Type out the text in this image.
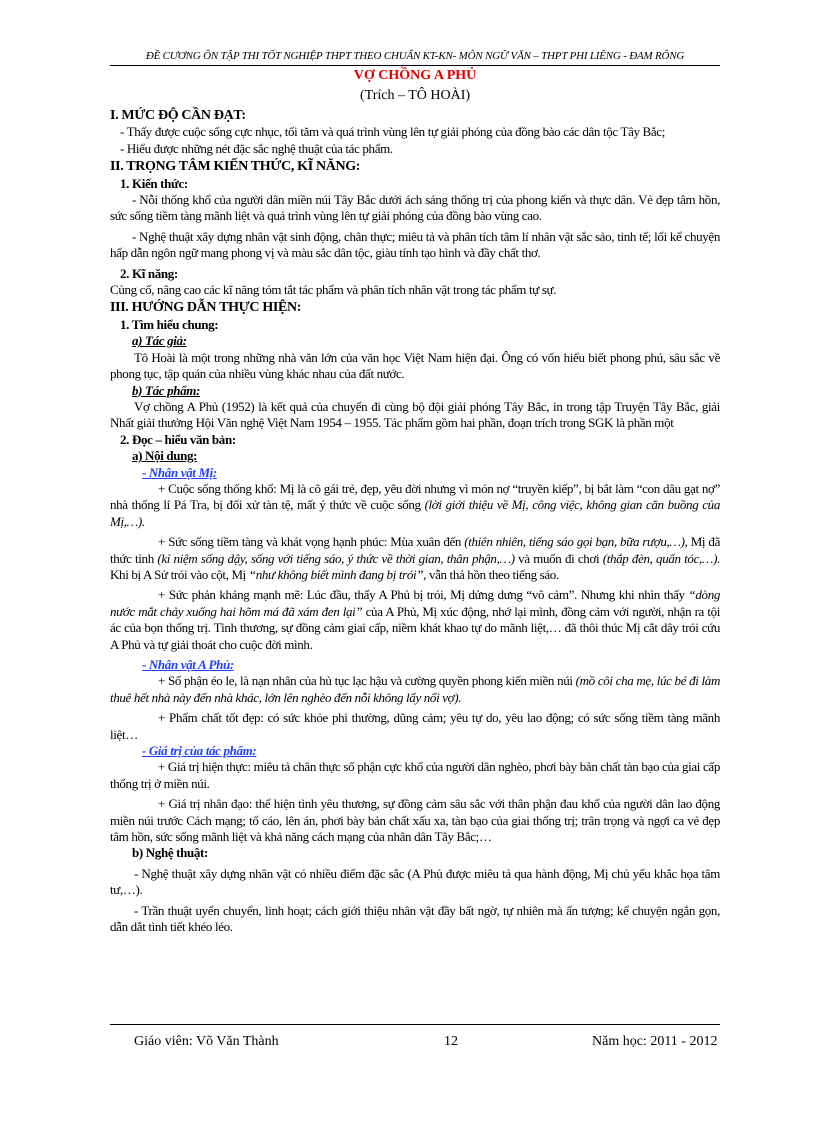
ĐỀ CƯƠNG ÔN TẬP THI TỐT NGHIỆP THPT THEO CHUẨN KT-KN- MÔN NGỮ VĂN – THPT PHI LIÊNG - ĐAM RÔNG
VỢ CHỒNG A PHỦ
(Trích – TÔ HOÀI)

I. MỨC ĐỘ CẦN ĐẠT:

- Thấy được cuộc sống cực nhục, tối tăm và quá trình vùng lên tự giải phóng của đồng bào các dân tộc Tây Bắc;

- Hiểu được những nét đặc sắc nghệ thuật của tác phẩm.

II. TRỌNG TÂM KIẾN THỨC, KĨ NĂNG:

1. Kiến thức:

- Nỗi thống khổ của người dân miền núi Tây Bắc dưới ách sáng thống trị của phong kiến và thực dân. Vẻ đẹp tâm hồn, sức sống tiềm tàng mãnh liệt và quá trình vùng lên tự giải phóng của đồng bào vùng cao.

- Nghệ thuật xây dựng nhân vật sinh động, chân thực; miêu tả và phân tích tâm lí nhân vật sắc sảo, tinh tế; lối kể chuyện hấp dẫn ngôn ngữ mang phong vị và màu sắc dân tộc, giàu tính tạo hình và đầy chất thơ.

2. Kĩ năng:

Củng cố, nâng cao các kĩ năng tóm tắt tác phẩm và phân tích nhân vật trong tác phẩm tự sự.

III. HƯỚNG DẪN THỰC HIỆN:

1. Tìm hiểu chung:

a) Tác giả:

Tô Hoài là một trong những nhà văn lớn của văn học Việt Nam hiện đại. Ông có vốn hiểu biết phong phú, sâu sắc về phong tục, tập quán của nhiều vùng khác nhau của đất nước.

b) Tác phẩm:

Vợ chồng A Phủ (1952) là kết quả của chuyến đi cùng bộ đội giải phóng Tây Bắc, in trong tập Truyện Tây Bắc, giải Nhất giải thưởng Hội Văn nghệ Việt Nam 1954 – 1955. Tác phẩm gồm hai phần, đoạn trích trong SGK là phần một

2. Đọc – hiểu văn bản:

a) Nội dung:

- Nhân vật Mị:

+ Cuộc sống thống khổ: Mị là cô gái trẻ, đẹp, yêu đời nhưng vì món nợ “truyền kiếp”, bị bắt làm “con dâu gạt nợ” nhà thống lí Pá Tra, bị đối xử tàn tệ, mất ý thức về cuộc sống (lời giới thiệu về Mị, công việc, không gian căn buồng của Mị,…).

+ Sức sống tiềm tàng và khát vọng hạnh phúc: Mùa xuân đến (thiên nhiên, tiếng sáo gọi bạn, bữa rượu,…), Mị đã thức tỉnh (kỉ niệm sống dậy, sống với tiếng sáo, ý thức về thời gian, thân phận,…) và muốn đi chơi (thắp đèn, quấn tóc,…). Khi bị A Sử trói vào cột, Mị “như không biết mình đang bị trói”, vẫn thả hồn theo tiếng sáo.

+ Sức phản kháng mạnh mẽ: Lúc đầu, thấy A Phủ bị trói, Mị dửng dưng “vô cảm”. Nhưng khi nhìn thấy “dòng nước mắt chảy xuống hai hõm má đã xám đen lại” của A Phủ, Mị xúc động, nhớ lại mình, đồng cảm với người, nhận ra tội ác của bọn thống trị. Tình thương, sự đồng cảm giai cấp, niềm khát khao tự do mãnh liệt,… đã thôi thúc Mị cắt dây trói cứu A Phủ và tự giải thoát cho cuộc đời mình.

- Nhân vật A Phủ:

+ Số phận éo le, là nạn nhân của hủ tục lạc hậu và cường quyền phong kiến miền núi (mồ côi cha mẹ, lúc bé đi làm thuê hết nhà này đến nhà khác, lớn lên nghèo đến nỗi không lấy nổi vợ).

+ Phẩm chất tốt đẹp: có sức khỏe phi thường, dũng cảm; yêu tự do, yêu lao động; có sức sống tiềm tàng mãnh liệt…

- Giá trị của tác phẩm:

+ Giá trị hiện thực: miêu tả chân thực số phận cực khổ của người dân nghèo, phơi bày bản chất tàn bạo của giai cấp thống trị ở miền núi.

+ Giá trị nhân đạo: thể hiện tình yêu thương, sự đồng cảm sâu sắc với thân phận đau khổ của người dân lao động miền núi trước Cách mạng; tố cáo, lên án, phơi bày bản chất xấu xa, tàn bạo của giai thống trị; trân trọng và ngợi ca vẻ đẹp tâm hồn, sức sống mãnh liệt và khả năng cách mạng của nhân dân Tây Bắc;…

b) Nghệ thuật:

- Nghệ thuật xây dựng nhân vật có nhiều điểm đặc sắc (A Phủ được miêu tả qua hành động, Mị chủ yếu khắc họa tâm tư,…).

- Trần thuật uyển chuyển, linh hoạt; cách giới thiệu nhân vật đầy bất ngờ, tự nhiên mà ấn tượng; kể chuyện ngắn gọn, dẫn dắt tình tiết khéo léo.

Giáo viên: Võ Văn Thành	12	Năm học: 2011 - 2012
